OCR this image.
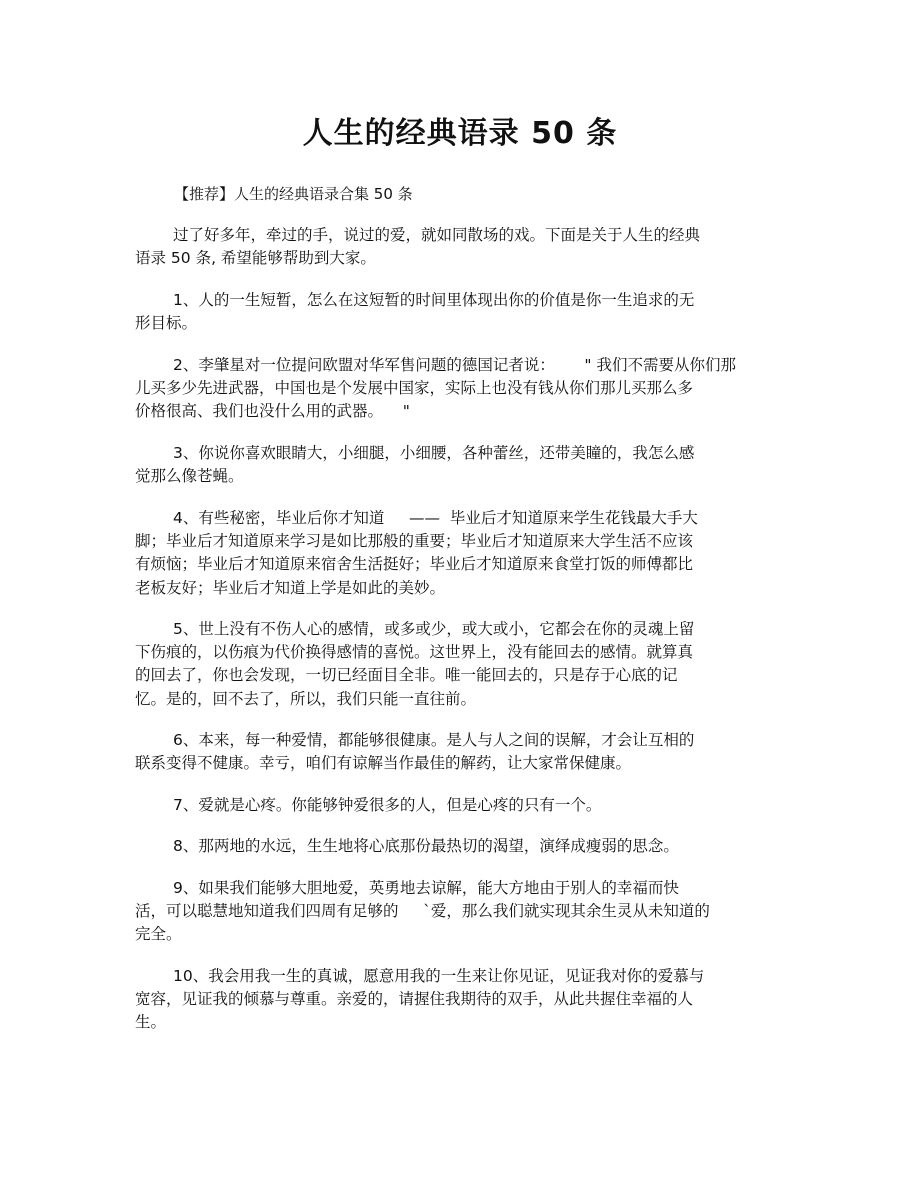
人生的经典语录 50 条
【推荐】人生的经典语录合集 50 条
过了好多年，牵过的手，说过的爱，就如同散场的戏。下面是关于人生的经典
语录 50 条, 希望能够帮助到大家。
1、人的一生短暂，怎么在这短暂的时间里体现出你的价值是你一生追求的无
形目标。
2、李肇星对一位提问欧盟对华军售问题的德国记者说：      " 我们不需要从你们那
儿买多少先进武器，中国也是个发展中国家，实际上也没有钱从你们那儿买那么多
价格很高、我们也没什么用的武器。    "
3、你说你喜欢眼睛大，小细腿，小细腰，各种蕾丝，还带美瞳的，我怎么感
觉那么像苍蝇。
4、有些秘密，毕业后你才知道     ——  毕业后才知道原来学生花钱最大手大
脚；毕业后才知道原来学习是如比那般的重要；毕业后才知道原来大学生活不应该
有烦恼；毕业后才知道原来宿舍生活挺好；毕业后才知道原来食堂打饭的师傅都比
老板友好；毕业后才知道上学是如此的美妙。
5、世上没有不伤人心的感情，或多或少，或大或小，它都会在你的灵魂上留
下伤痕的，以伤痕为代价换得感情的喜悦。这世界上，没有能回去的感情。就算真
的回去了，你也会发现，一切已经面目全非。唯一能回去的，只是存于心底的记
忆。是的，回不去了，所以，我们只能一直往前。
6、本来，每一种爱情，都能够很健康。是人与人之间的误解，才会让互相的
联系变得不健康。幸亏，咱们有谅解当作最佳的解药，让大家常保健康。
7、爱就是心疼。你能够钟爱很多的人，但是心疼的只有一个。
8、那两地的水远，生生地将心底那份最热切的渴望，演绎成瘦弱的思念。
9、如果我们能够大胆地爱，英勇地去谅解，能大方地由于别人的幸福而快
活，可以聪慧地知道我们四周有足够的     `爱，那么我们就实现其余生灵从未知道的
完全。
10、我会用我一生的真诚，愿意用我的一生来让你见证，见证我对你的爱慕与
宽容，见证我的倾慕与尊重。亲爱的，请握住我期待的双手，从此共握住幸福的人
生。
